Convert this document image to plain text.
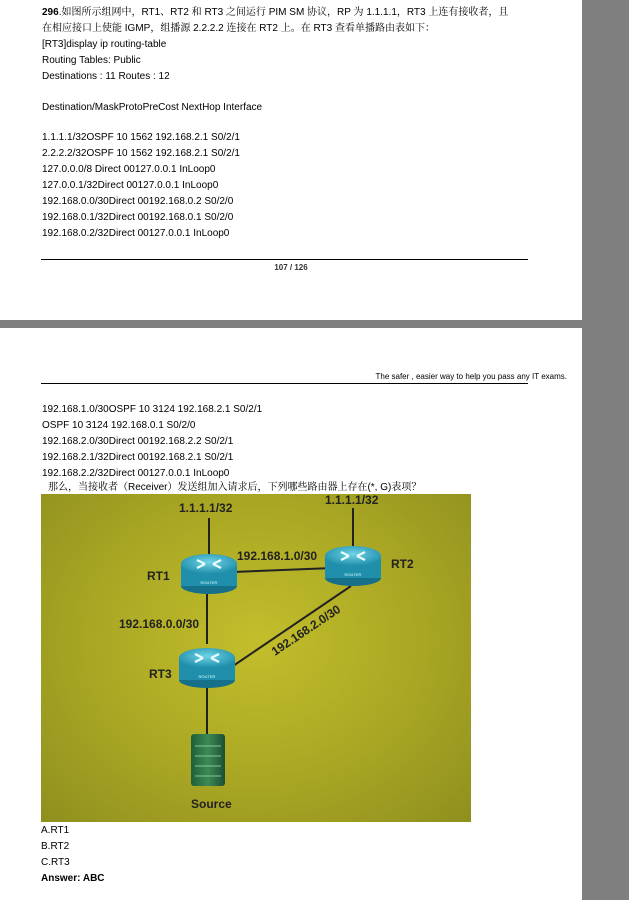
296.如图所示组网中，RT1、RT2 和 RT3 之间运行 PIM SM 协议，RP 为 1.1.1.1，RT3 上连有接收者，且
在相应接口上使能 IGMP，组播源 2.2.2.2 连接在 RT2 上。在 RT3 查看单播路由表如下：
[RT3]display ip routing-table
Routing Tables: Public
Destinations : 11 Routes : 12
Destination/MaskProtoPreCost NextHop Interface
1.1.1.1/32OSPF 10 1562 192.168.2.1 S0/2/1
2.2.2.2/32OSPF 10 1562 192.168.2.1 S0/2/1
127.0.0.0/8 Direct 00127.0.0.1 InLoop0
127.0.0.1/32Direct 00127.0.0.1 InLoop0
192.168.0.0/30Direct 00192.168.0.2 S0/2/0
192.168.0.1/32Direct 00192.168.0.1 S0/2/0
192.168.0.2/32Direct 00127.0.0.1 InLoop0
107 / 126
The safer , easier way to help you pass any IT exams.
192.168.1.0/30OSPF 10 3124 192.168.2.1 S0/2/1
OSPF 10 3124 192.168.0.1 S0/2/0
192.168.2.0/30Direct 00192.168.2.2 S0/2/1
192.168.2.1/32Direct 00192.168.2.1 S0/2/1
192.168.2.2/32Direct 00127.0.0.1 InLoop0
那么，当接收者（Receiver）发送组加入请求后，下列哪些路由器上存在(*, G)表项？
ROUTER
ROUTER
ROUTER
1.1.1.1/32
1.1.1.1/32
192.168.1.0/30
RT1
RT2
192.168.0.0/30
RT3
192.168.2.0/30
Source
A.RT1
B.RT2
C.RT3
Answer: ABC
